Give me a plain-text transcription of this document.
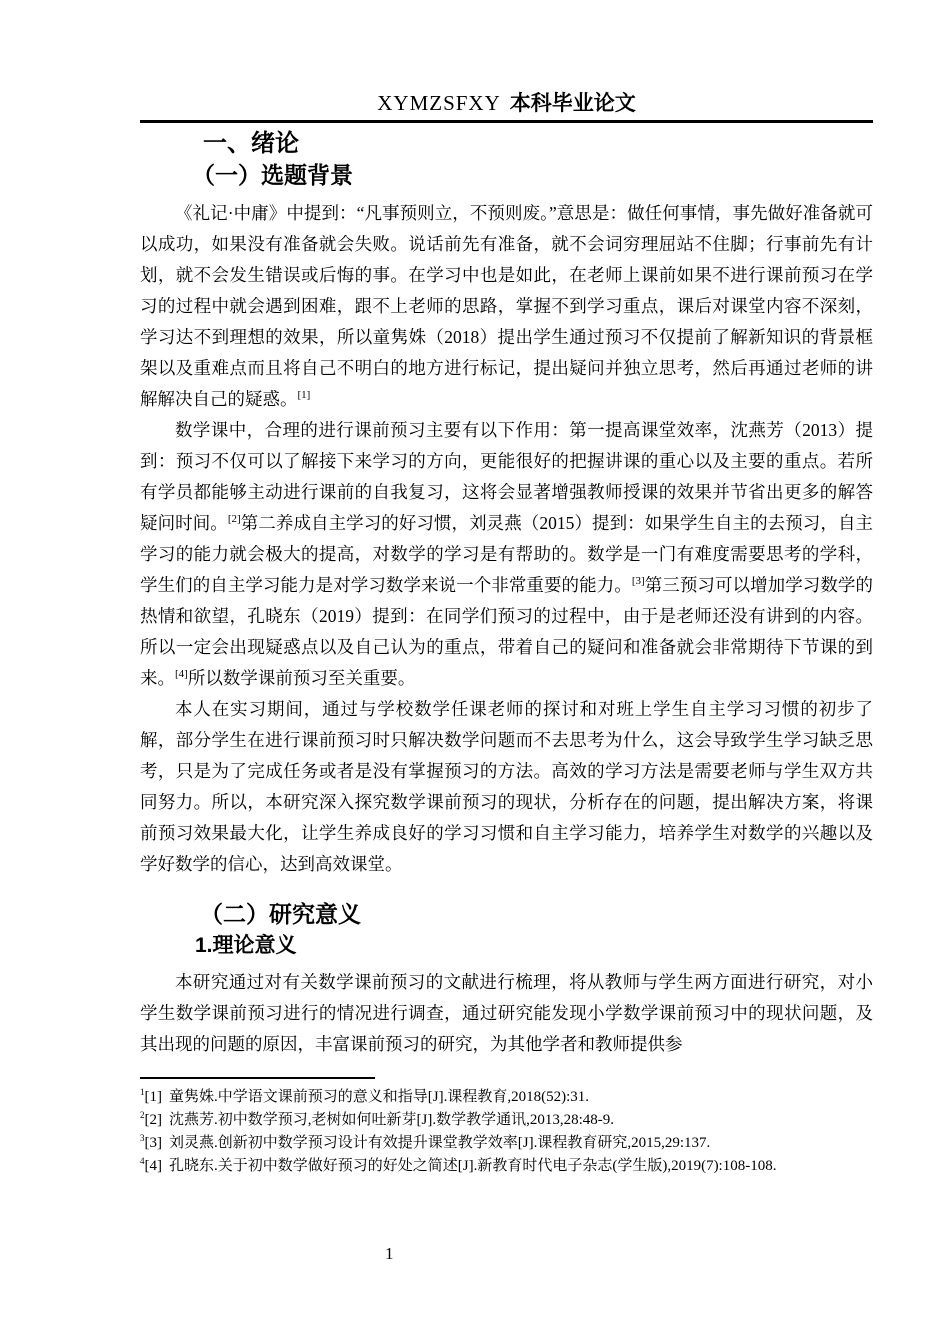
XYMZSFXY 本科毕业论文
一、绪论
（一）选题背景

《礼记·中庸》中提到：“凡事预则立，不预则废。”意思是：做任何事情，事先做好准备就可以成功，如果没有准备就会失败。说话前先有准备，就不会词穷理屈站不住脚；行事前先有计划，就不会发生错误或后悔的事。在学习中也是如此，在老师上课前如果不进行课前预习在学习的过程中就会遇到困难，跟不上老师的思路，掌握不到学习重点，课后对课堂内容不深刻，学习达不到理想的效果，所以童隽姝（2018）提出学生通过预习不仅提前了解新知识的背景框架以及重难点而且将自己不明白的地方进行标记，提出疑问并独立思考，然后再通过老师的讲解解决自己的疑惑。[1]

数学课中，合理的进行课前预习主要有以下作用：第一提高课堂效率，沈燕芳（2013）提到：预习不仅可以了解接下来学习的方向，更能很好的把握讲课的重心以及主要的重点。若所有学员都能够主动进行课前的自我复习，这将会显著增强教师授课的效果并节省出更多的解答疑问时间。[2]第二养成自主学习的好习惯，刘灵燕（2015）提到：如果学生自主的去预习，自主学习的能力就会极大的提高，对数学的学习是有帮助的。数学是一门有难度需要思考的学科，学生们的自主学习能力是对学习数学来说一个非常重要的能力。[3]第三预习可以增加学习数学的热情和欲望，孔晓东（2019）提到：在同学们预习的过程中，由于是老师还没有讲到的内容。所以一定会出现疑惑点以及自己认为的重点，带着自己的疑问和准备就会非常期待下节课的到来。[4]所以数学课前预习至关重要。

本人在实习期间，通过与学校数学任课老师的探讨和对班上学生自主学习习惯的初步了解，部分学生在进行课前预习时只解决数学问题而不去思考为什么，这会导致学生学习缺乏思考，只是为了完成任务或者是没有掌握预习的方法。高效的学习方法是需要老师与学生双方共同努力。所以，本研究深入探究数学课前预习的现状，分析存在的问题，提出解决方案，将课前预习效果最大化，让学生养成良好的学习习惯和自主学习能力，培养学生对数学的兴趣以及学好数学的信心，达到高效课堂。

（二）研究意义
1.理论意义

本研究通过对有关数学课前预习的文献进行梳理，将从教师与学生两方面进行研究，对小学生数学课前预习进行的情况进行调查，通过研究能发现小学数学课前预习中的现状问题，及其出现的问题的原因，丰富课前预习的研究，为其他学者和教师提供参

$^1$[1] 童隽姝.中学语文课前预习的意义和指导[J].课程教育,2018(52):31.
$^2$[2] 沈燕芳.初中数学预习,老树如何吐新芽[J].数学教学通讯,2013,28:48-9.
$^3$[3] 刘灵燕.创新初中数学预习设计有效提升课堂教学效率[J].课程教育研究,2015,29:137.
$^4$[4] 孔晓东.关于初中数学做好预习的好处之简述[J].新教育时代电子杂志(学生版),2019(7):108-108.
1
